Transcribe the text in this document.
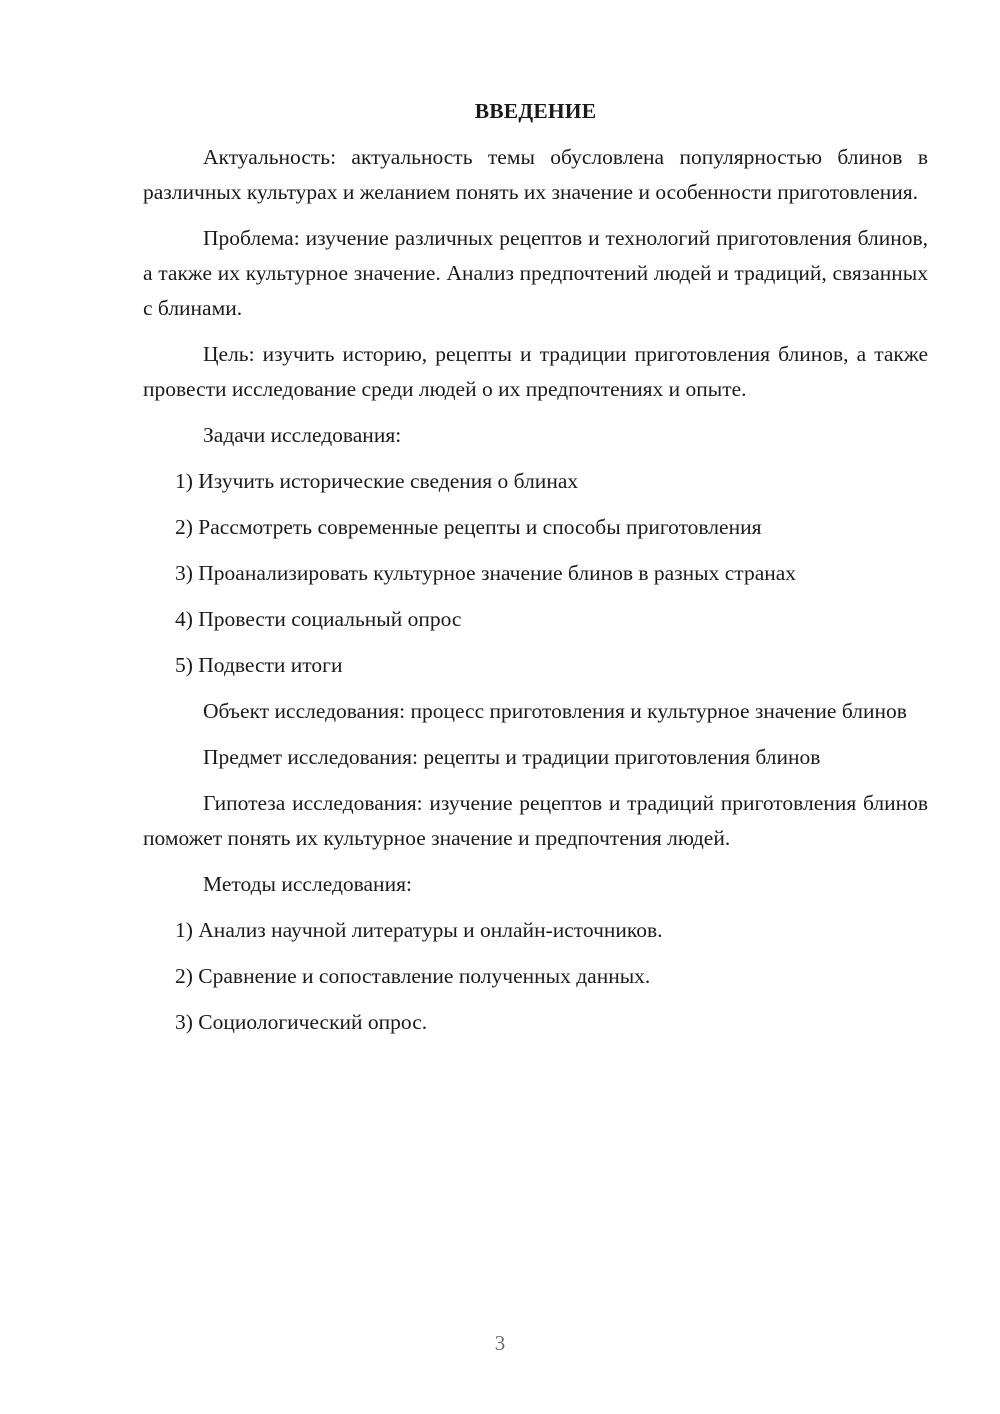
ВВЕДЕНИЕ

Актуальность: актуальность темы обусловлена популярностью блинов в различных культурах и желанием понять их значение и особенности приготовления.

Проблема: изучение различных рецептов и технологий приготовления блинов, а также их культурное значение. Анализ предпочтений людей и традиций, связанных с блинами.

Цель: изучить историю, рецепты и традиции приготовления блинов, а также провести исследование среди людей о их предпочтениях и опыте.

Задачи исследования:

1) Изучить исторические сведения о блинах

2) Рассмотреть современные рецепты и способы приготовления

3) Проанализировать культурное значение блинов в разных странах

4) Провести социальный опрос

5) Подвести итоги

Объект исследования: процесс приготовления и культурное значение блинов

Предмет исследования: рецепты и традиции приготовления блинов

Гипотеза исследования: изучение рецептов и традиций приготовления блинов поможет понять их культурное значение и предпочтения людей.

Методы исследования:

1) Анализ научной литературы и онлайн-источников.

2) Сравнение и сопоставление полученных данных.

3) Социологический опрос.

3
